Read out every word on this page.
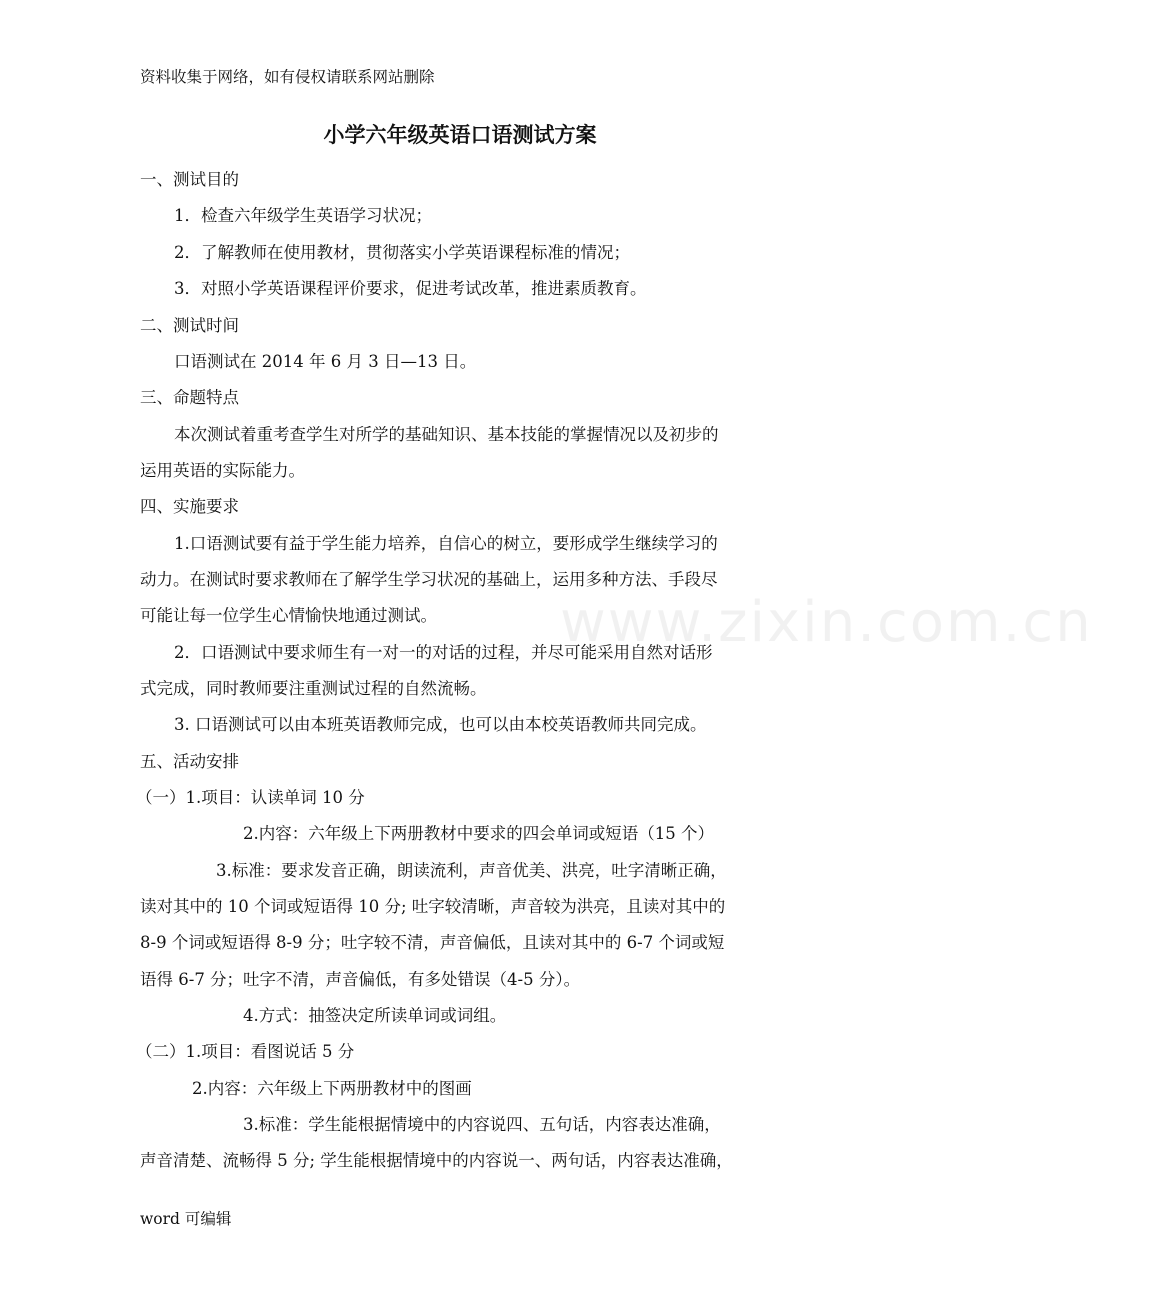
资料收集于网络，如有侵权请联系网站删除
小学六年级英语口语测试方案
一、测试目的
1．检查六年级学生英语学习状况；
2．了解教师在使用教材，贯彻落实小学英语课程标准的情况；
3．对照小学英语课程评价要求，促进考试改革，推进素质教育。
二、测试时间
口语测试在 2014 年 6 月 3 日—13 日。
三、命题特点
本次测试着重考查学生对所学的基础知识、基本技能的掌握情况以及初步的
运用英语的实际能力。
四、实施要求
1.口语测试要有益于学生能力培养，自信心的树立，要形成学生继续学习的
动力。在测试时要求教师在了解学生学习状况的基础上，运用多种方法、手段尽
可能让每一位学生心情愉快地通过测试。
2．口语测试中要求师生有一对一的对话的过程，并尽可能采用自然对话形
式完成，同时教师要注重测试过程的自然流畅。
3. 口语测试可以由本班英语教师完成，也可以由本校英语教师共同完成。
五、活动安排
（一）1.项目：认读单词 10 分
2.内容：六年级上下两册教材中要求的四会单词或短语（15 个）
3.标准：要求发音正确，朗读流利，声音优美、洪亮，吐字清晰正确，
读对其中的 10 个词或短语得 10 分; 吐字较清晰，声音较为洪亮，且读对其中的
8-9 个词或短语得 8-9 分；吐字较不清，声音偏低，且读对其中的 6-7 个词或短
语得 6-7 分；吐字不清，声音偏低，有多处错误（4-5 分）。
4.方式：抽签决定所读单词或词组。
（二）1.项目：看图说话 5 分
2.内容：六年级上下两册教材中的图画
3.标准：学生能根据情境中的内容说四、五句话，内容表达准确，
声音清楚、流畅得 5 分; 学生能根据情境中的内容说一、两句话，内容表达准确，
www.zixin.com.cn
word 可编辑
